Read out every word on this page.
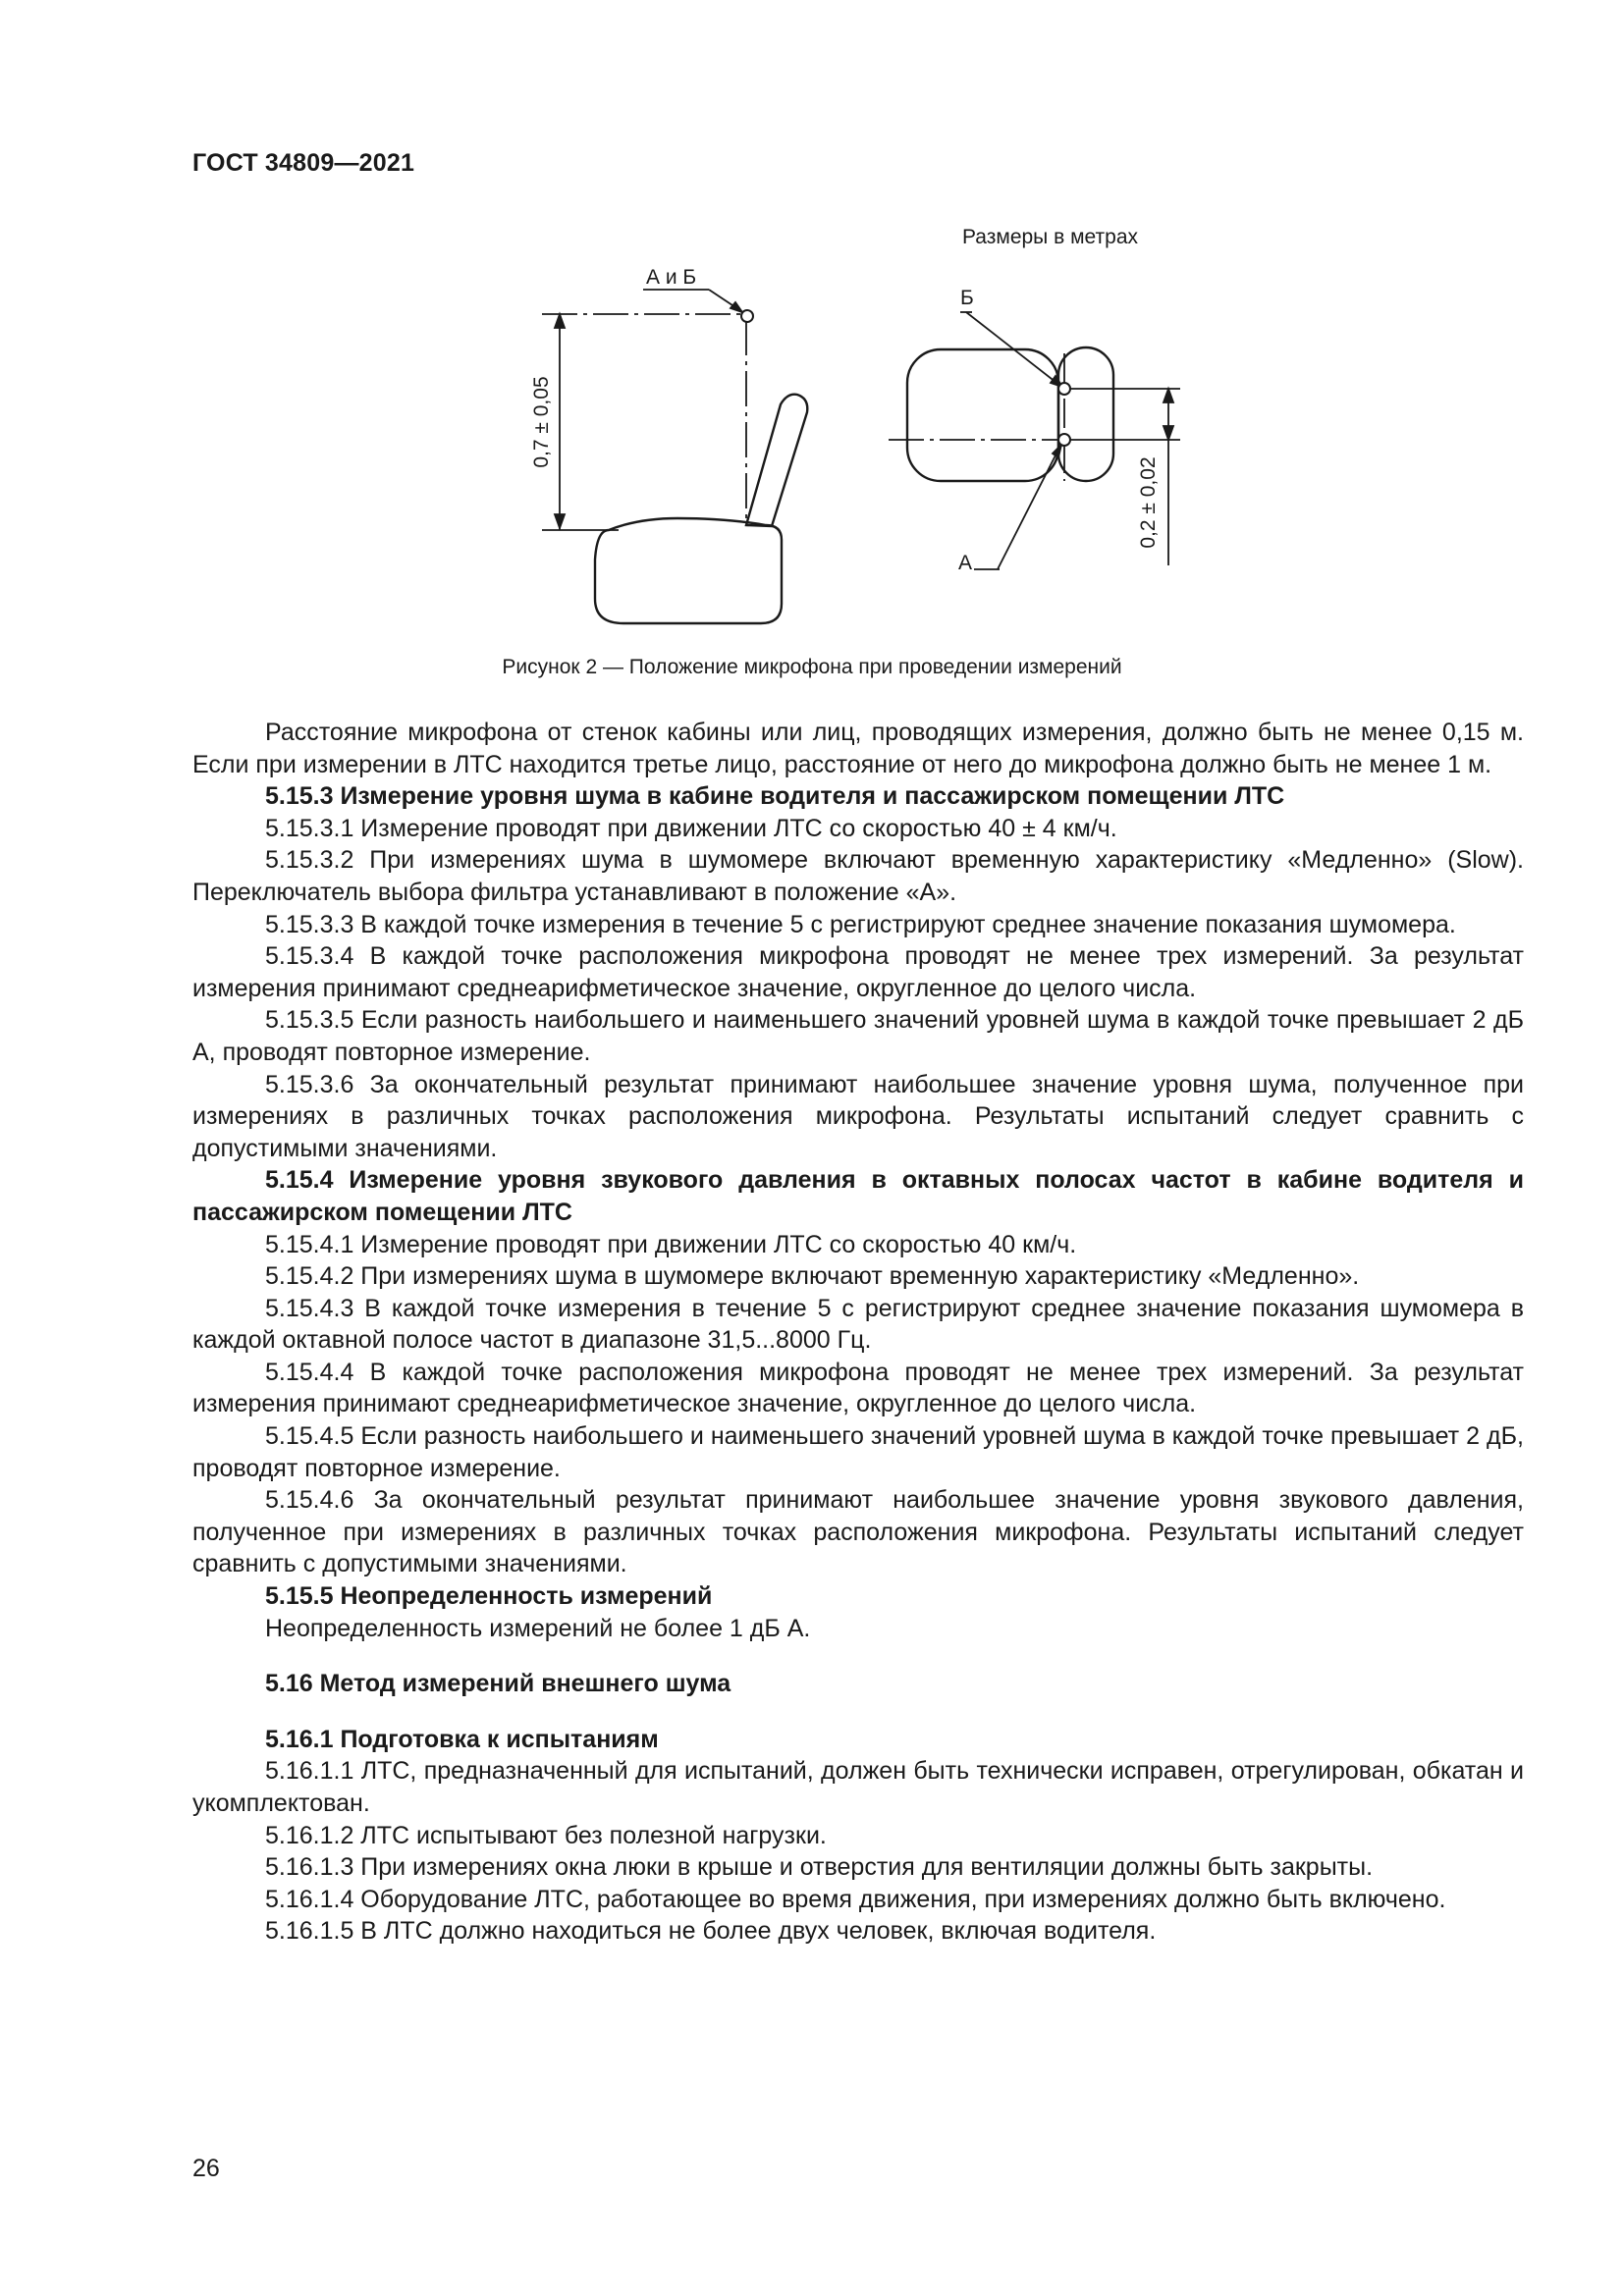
ГОСТ 34809—2021
Размеры в метрах
А и Б
0,7 ± 0,05
Б
А
0,2 ± 0,02
Рисунок 2 — Положение микрофона при проведении измерений

Расстояние микрофона от стенок кабины или лиц, проводящих измерения, должно быть не менее 0,15 м. Если при измерении в ЛТС находится третье лицо, расстояние от него до микрофона должно быть не менее 1 м.

5.15.3 Измерение уровня шума в кабине водителя и пассажирском помещении ЛТС

5.15.3.1 Измерение проводят при движении ЛТС со скоростью 40 ± 4 км/ч.

5.15.3.2 При измерениях шума в шумомере включают временную характеристику «Медленно» (Slow). Переключатель выбора фильтра устанавливают в положение «А».

5.15.3.3 В каждой точке измерения в течение 5 с регистрируют среднее значение показания шумомера.

5.15.3.4 В каждой точке расположения микрофона проводят не менее трех измерений. За результат измерения принимают среднеарифметическое значение, округленное до целого числа.

5.15.3.5 Если разность наибольшего и наименьшего значений уровней шума в каждой точке превышает 2 дБ А, проводят повторное измерение.

5.15.3.6 За окончательный результат принимают наибольшее значение уровня шума, полученное при измерениях в различных точках расположения микрофона. Результаты испытаний следует сравнить с допустимыми значениями.

5.15.4 Измерение уровня звукового давления в октавных полосах частот в кабине водителя и пассажирском помещении ЛТС

5.15.4.1 Измерение проводят при движении ЛТС со скоростью 40 км/ч.

5.15.4.2 При измерениях шума в шумомере включают временную характеристику «Медленно».

5.15.4.3 В каждой точке измерения в течение 5 с регистрируют среднее значение показания шумомера в каждой октавной полосе частот в диапазоне 31,5...8000 Гц.

5.15.4.4 В каждой точке расположения микрофона проводят не менее трех измерений. За результат измерения принимают среднеарифметическое значение, округленное до целого числа.

5.15.4.5 Если разность наибольшего и наименьшего значений уровней шума в каждой точке превышает 2 дБ, проводят повторное измерение.

5.15.4.6 За окончательный результат принимают наибольшее значение уровня звукового давления, полученное при измерениях в различных точках расположения микрофона. Результаты испытаний следует сравнить с допустимыми значениями.

5.15.5 Неопределенность измерений

Неопределенность измерений не более 1 дБ А.

5.16 Метод измерений внешнего шума

5.16.1 Подготовка к испытаниям

5.16.1.1 ЛТС, предназначенный для испытаний, должен быть технически исправен, отрегулирован, обкатан и укомплектован.

5.16.1.2 ЛТС испытывают без полезной нагрузки.

5.16.1.3 При измерениях окна люки в крыше и отверстия для вентиляции должны быть закрыты.

5.16.1.4 Оборудование ЛТС, работающее во время движения, при измерениях должно быть включено.

5.16.1.5 В ЛТС должно находиться не более двух человек, включая водителя.

26
